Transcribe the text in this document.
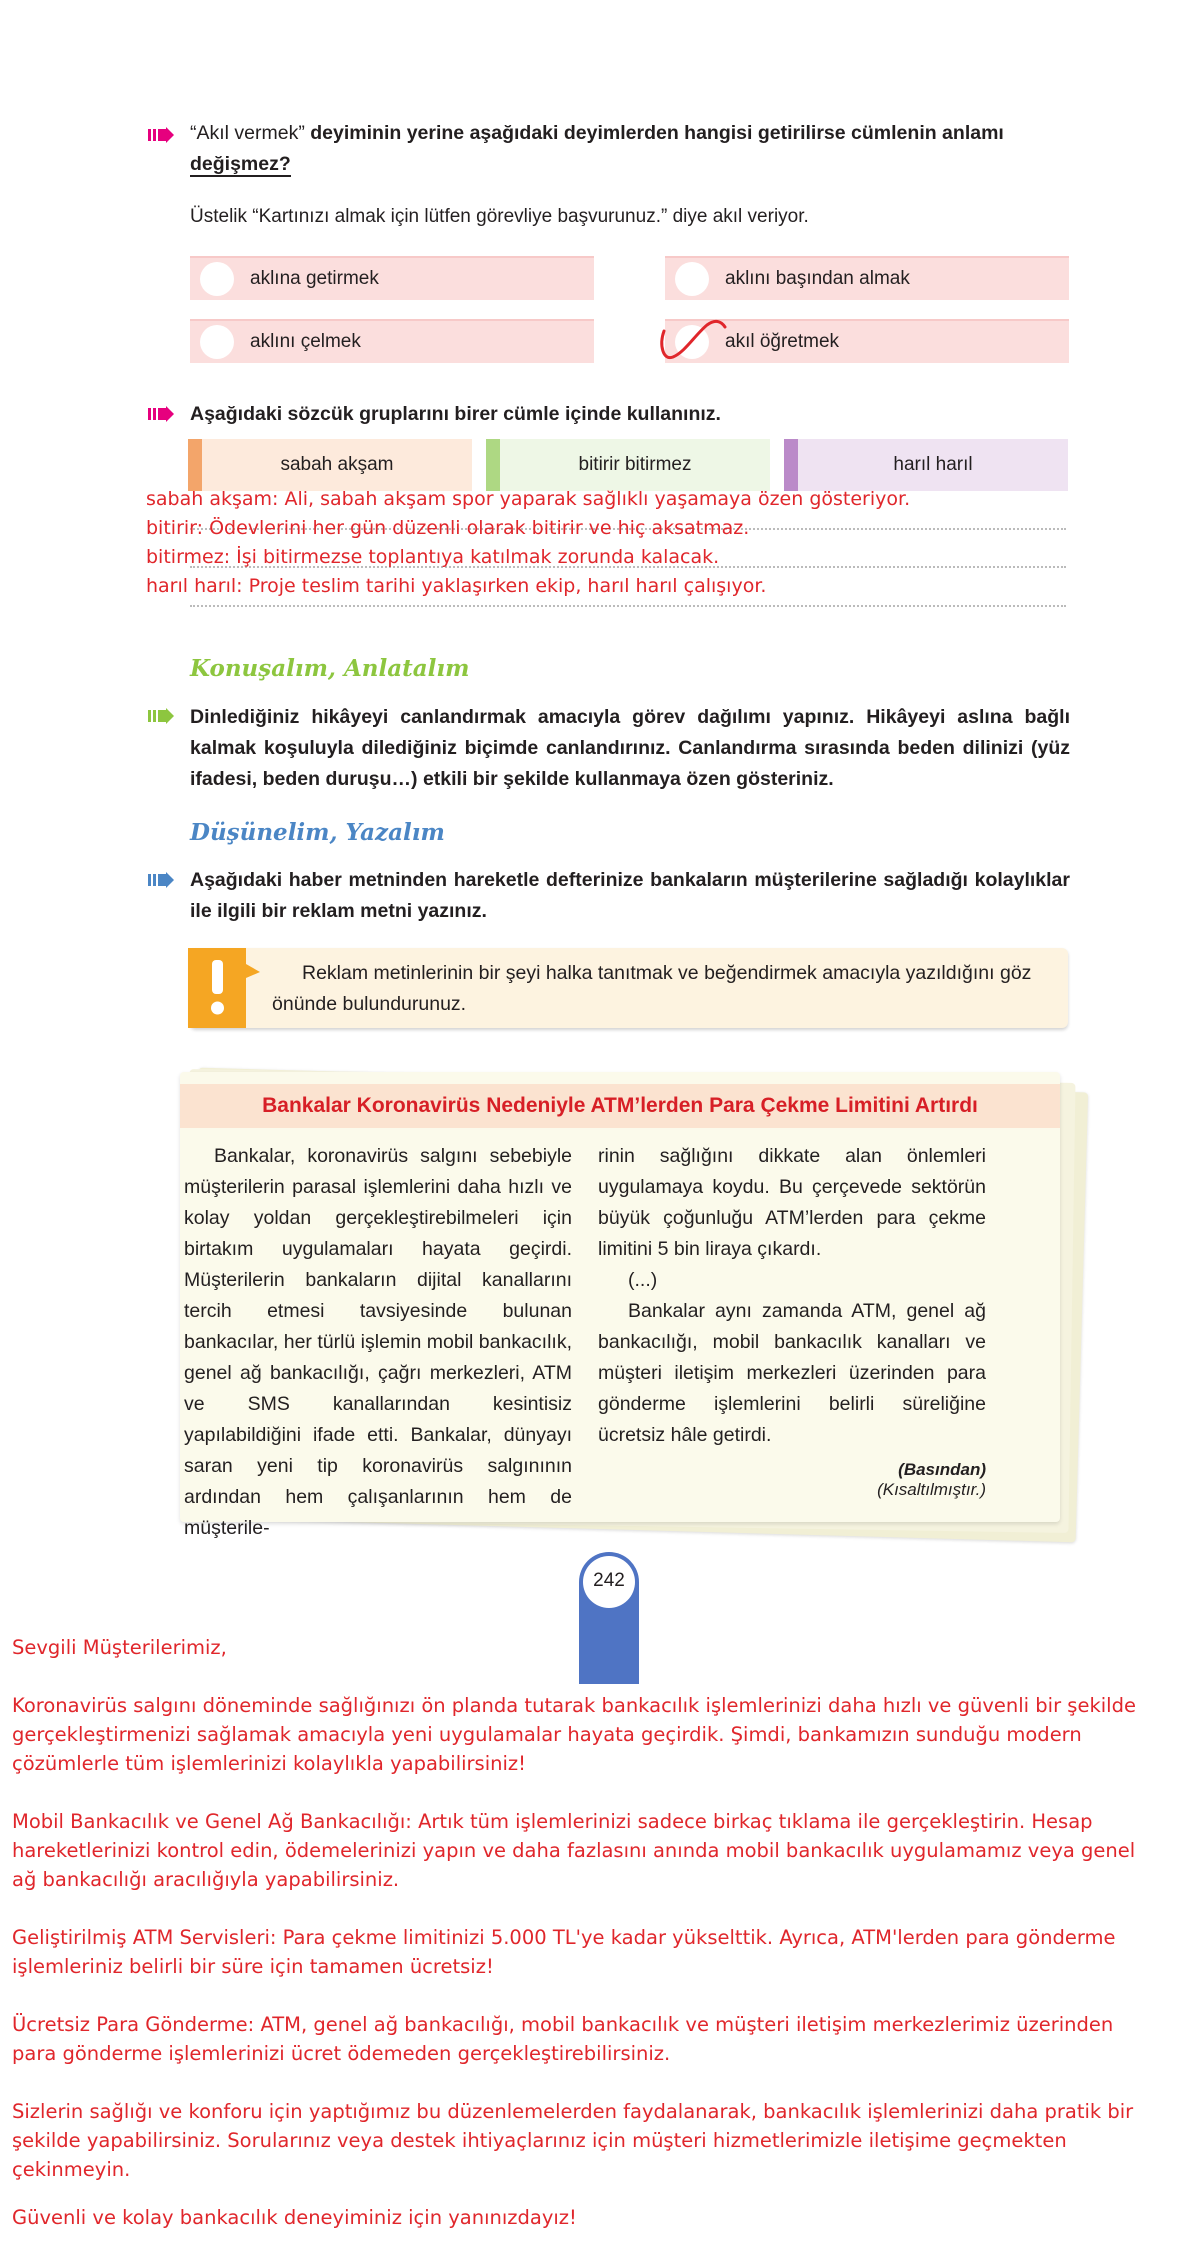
“Akıl vermek” deyiminin yerine aşağıdaki deyimlerden hangisi getirilirse cümlenin anlamı
değişmez?
Üstelik “Kartınızı almak için lütfen görevliye başvurunuz.” diye akıl veriyor.
aklına getirmek	aklını başından almak
aklını çelmek	akıl öğretmek
Aşağıdaki sözcük gruplarını birer cümle içinde kullanınız.
sabah akşam	bitirir bitirmez	harıl harıl
sabah akşam: Ali, sabah akşam spor yaparak sağlıklı yaşamaya özen gösteriyor.
bitirir: Ödevlerini her gün düzenli olarak bitirir ve hiç aksatmaz.
bitirmez: İşi bitirmezse toplantıya katılmak zorunda kalacak.
harıl harıl: Proje teslim tarihi yaklaşırken ekip, harıl harıl çalışıyor.
Konuşalım, Anlatalım
Dinlediğiniz hikâyeyi canlandırmak amacıyla görev dağılımı yapınız. Hikâyeyi aslına bağlı kalmak koşuluyla dilediğiniz biçimde canlandırınız. Canlandırma sırasında beden dilinizi (yüz ifadesi, beden duruşu…) etkili bir şekilde kullanmaya özen gösteriniz.
Düşünelim, Yazalım
Aşağıdaki haber metninden hareketle defterinize bankaların müşterilerine sağladığı kolaylıklar ile ilgili bir reklam metni yazınız.
Reklam metinlerinin bir şeyi halka tanıtmak ve beğendirmek amacıyla yazıldığını göz önünde bulundurunuz.
Bankalar Koronavirüs Nedeniyle ATM’lerden Para Çekme Limitini Artırdı

Bankalar, koronavirüs salgını sebebiyle müşterilerin parasal işlemlerini daha hızlı ve kolay yoldan gerçekleştirebilmeleri için birtakım uygulamaları hayata geçirdi. Müşterilerin bankaların dijital kanallarını tercih etmesi tavsiyesinde bulunan bankacılar, her türlü işlemin mobil bankacılık, genel ağ bankacılığı, çağrı merkezleri, ATM ve SMS kanallarından kesintisiz yapılabildiğini ifade etti. Bankalar, dünyayı saran yeni tip koronavirüs salgınının ardından hem çalışanlarının hem de müşterile-

rinin sağlığını dikkate alan önlemleri uygulamaya koydu. Bu çerçevede sektörün büyük çoğunluğu ATM’lerden para çekme limitini 5 bin liraya çıkardı.

(...)

Bankalar aynı zamanda ATM, genel ağ bankacılığı, mobil bankacılık kanalları ve müşteri iletişim merkezleri üzerinden para gönderme işlemlerini belirli süreliğine ücretsiz hâle getirdi.

(Basından)
(Kısaltılmıştır.)
242
Sevgili Müşterilerimiz,
Koronavirüs salgını döneminde sağlığınızı ön planda tutarak bankacılık işlemlerinizi daha hızlı ve güvenli bir şekilde gerçekleştirmenizi sağlamak amacıyla yeni uygulamalar hayata geçirdik. Şimdi, bankamızın sunduğu modern çözümlerle tüm işlemlerinizi kolaylıkla yapabilirsiniz!
Mobil Bankacılık ve Genel Ağ Bankacılığı: Artık tüm işlemlerinizi sadece birkaç tıklama ile gerçekleştirin. Hesap hareketlerinizi kontrol edin, ödemelerinizi yapın ve daha fazlasını anında mobil bankacılık uygulamamız veya genel ağ bankacılığı aracılığıyla yapabilirsiniz.
Geliştirilmiş ATM Servisleri: Para çekme limitinizi 5.000 TL'ye kadar yükselttik. Ayrıca, ATM'lerden para gönderme işlemleriniz belirli bir süre için tamamen ücretsiz!
Ücretsiz Para Gönderme: ATM, genel ağ bankacılığı, mobil bankacılık ve müşteri iletişim merkezlerimiz üzerinden para gönderme işlemlerinizi ücret ödemeden gerçekleştirebilirsiniz.
Sizlerin sağlığı ve konforu için yaptığımız bu düzenlemelerden faydalanarak, bankacılık işlemlerinizi daha pratik bir şekilde yapabilirsiniz. Sorularınız veya destek ihtiyaçlarınız için müşteri hizmetlerimizle iletişime geçmekten çekinmeyin.
Güvenli ve kolay bankacılık deneyiminiz için yanınızdayız!
